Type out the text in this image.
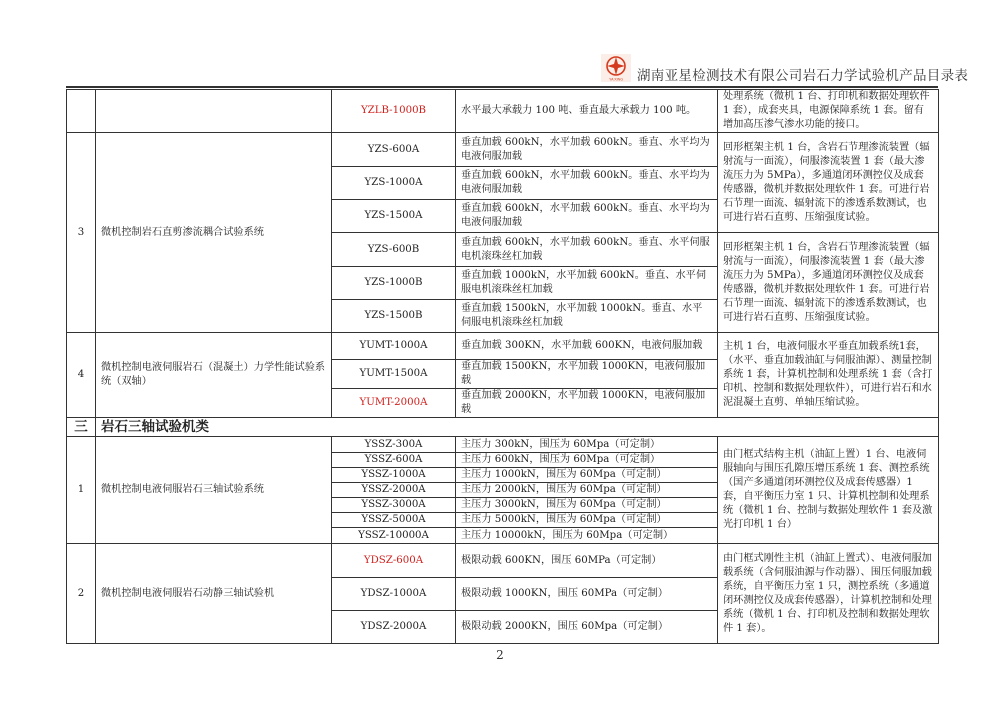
YA XING 湖南亚星检测技术有限公司岩石力学试验机产品目录表
		YZLB-1000B	水平最大承载力 100 吨、垂直最大承载力 100 吨。	处理系统（微机 1 台、打印机和数据处理软件 1 套），成套夹具，电源保障系统 1 套。留有增加高压渗气渗水功能的接口。
3	微机控制岩石直剪渗流耦合试验系统	YZS-600A	垂直加载 600kN，水平加载 600kN。垂直、水平均为电液伺服加载	回形框架主机 1 台，含岩石节理渗流装置（辐射流与一面流），伺服渗流装置 1 套（最大渗流压力为 5MPa），多通道闭环测控仪及成套传感器，微机并数据处理软件 1 套。可进行岩石节理一面流、辐射流下的渗透系数测试，也可进行岩石直剪、压缩强度试验。
		YZS-1000A	垂直加载 600kN，水平加载 600kN。垂直、水平均为电液伺服加载	
		YZS-1500A	垂直加载 600kN，水平加载 600kN。垂直、水平均为电液伺服加载	
		YZS-600B	垂直加载 600kN，水平加载 600kN。垂直、水平伺服电机滚珠丝杠加载	回形框架主机 1 台，含岩石节理渗流装置（辐射流与一面流），伺服渗流装置 1 套（最大渗流压力为 5MPa），多通道闭环测控仪及成套传感器，微机并数据处理软件 1 套。可进行岩石节理一面流、辐射流下的渗透系数测试，也可进行岩石直剪、压缩强度试验。
		YZS-1000B	垂直加载 1000kN，水平加载 600kN。垂直、水平伺服电机滚珠丝杠加载	
		YZS-1500B	垂直加载 1500kN，水平加载 1000kN。垂直、水平伺服电机滚珠丝杠加载	
4	微机控制电液伺服岩石（混凝土）力学性能试验系统（双轴）	YUMT-1000A	垂直加载 300KN，水平加载 600KN，电液伺服加载	主机 1 台，电液伺服水平垂直加载系统1套，（水平、垂直加载油缸与伺服油源）、测量控制系统 1 套，计算机控制和处理系统 1 套（含打印机、控制和数据处理软件），可进行岩石和水泥混凝土直剪、单轴压缩试验。
		YUMT-1500A	垂直加载 1500KN，水平加载 1000KN，电液伺服加载	
		YUMT-2000A	垂直加载 2000KN，水平加载 1000KN，电液伺服加载	
三	岩石三轴试验机类			
1	微机控制电液伺服岩石三轴试验系统	YSSZ-300A	主压力 300kN，围压为 60Mpa（可定制）	由门框式结构主机（油缸上置）1 台、电液伺服轴向与围压孔隙压增压系统 1 套、测控系统（国产多通道闭环测控仪及成套传感器）1 套，自平衡压力室 1 只、计算机控制和处理系统（微机 1 台、控制与数据处理软件 1 套及激光打印机 1 台）
		YSSZ-600A	主压力 600kN，围压为 60Mpa（可定制）	
		YSSZ-1000A	主压力 1000kN，围压为 60Mpa（可定制）	
		YSSZ-2000A	主压力 2000kN，围压为 60Mpa（可定制）	
		YSSZ-3000A	主压力 3000kN，围压为 60Mpa（可定制）	
		YSSZ-5000A	主压力 5000kN，围压为 60Mpa（可定制）	
		YSSZ-10000A	主压力 10000kN，围压为 60Mpa（可定制）	
2	微机控制电液伺服岩石动静三轴试验机	YDSZ-600A	极限动载 600KN，围压 60MPa（可定制）	由门框式刚性主机（油缸上置式）、电液伺服加载系统（含伺服油源与作动器）、围压伺服加载系统，自平衡压力室 1 只，测控系统（多通道闭环测控仪及成套传感器），计算机控制和处理系统（微机 1 台、打印机及控制和数据处理软件 1 套）。
		YDSZ-1000A	极限动载 1000KN，围压 60MPa（可定制）	
		YDSZ-2000A	极限动载 2000KN，围压 60Mpa（可定制）	
2
